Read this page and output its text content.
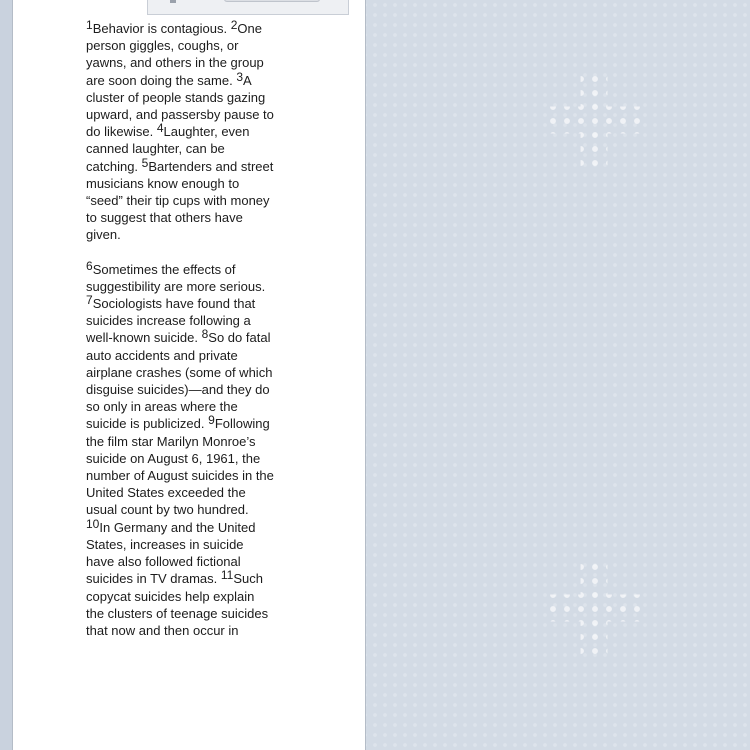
$^1$Behavior is contagious. $^2$One person giggles, coughs, or yawns, and others in the group are soon doing the same. $^3$A cluster of people stands gazing upward, and passersby pause to do likewise. $^4$Laughter, even canned laughter, can be catching. $^5$Bartenders and street musicians know enough to “seed” their tip cups with money to suggest that others have given.

$^6$Sometimes the effects of suggestibility are more serious. $^7$Sociologists have found that suicides increase following a well-known suicide. $^8$So do fatal auto accidents and private airplane crashes (some of which disguise suicides)—and they do so only in areas where the suicide is publicized. $^9$Following the film star Marilyn Monroe’s suicide on August 6, 1961, the number of August suicides in the United States exceeded the usual count by two hundred. $^{10}$In Germany and the United States, increases in suicide have also followed fictional suicides in TV dramas. $^{11}$Such copycat suicides help explain the clusters of teenage suicides that now and then occur in
